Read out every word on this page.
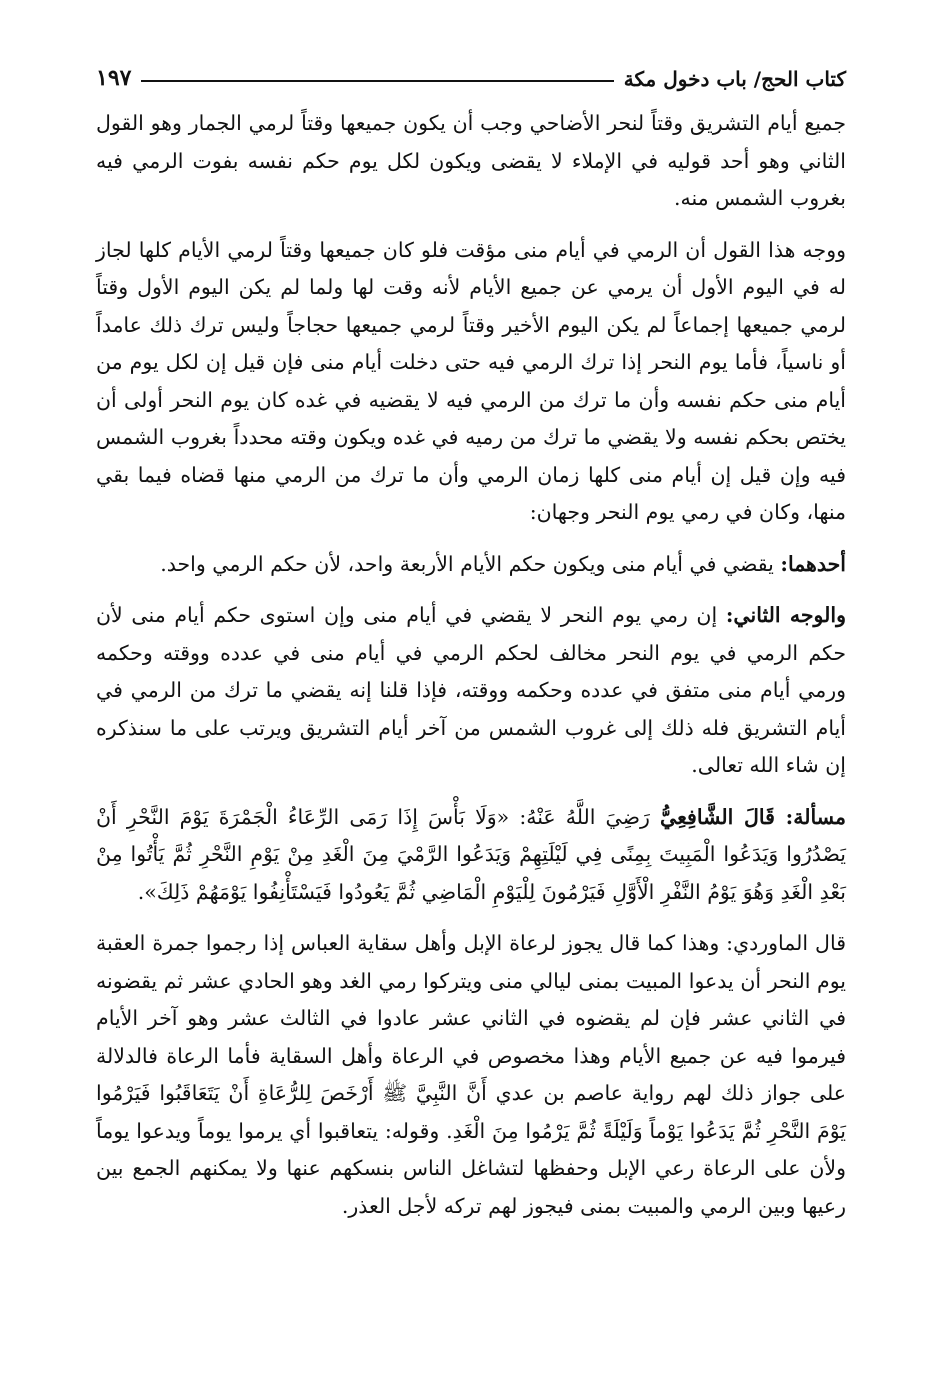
كتاب الحج/ باب دخول مكة
١٩٧

جميع أيام التشريق وقتاً لنحر الأضاحي وجب أن يكون جميعها وقتاً لرمي الجمار وهو القول الثاني وهو أحد قوليه في الإملاء لا يقضى ويكون لكل يوم حكم نفسه بفوت الرمي فيه بغروب الشمس منه.

ووجه هذا القول أن الرمي في أيام منى مؤقت فلو كان جميعها وقتاً لرمي الأيام كلها لجاز له في اليوم الأول أن يرمي عن جميع الأيام لأنه وقت لها ولما لم يكن اليوم الأول وقتاً لرمي جميعها إجماعاً لم يكن اليوم الأخير وقتاً لرمي جميعها حجاجاً وليس ترك ذلك عامداً أو ناسياً، فأما يوم النحر إذا ترك الرمي فيه حتى دخلت أيام منى فإن قيل إن لكل يوم من أيام منى حكم نفسه وأن ما ترك من الرمي فيه لا يقضيه في غده كان يوم النحر أولى أن يختص بحكم نفسه ولا يقضي ما ترك من رميه في غده ويكون وقته محدداً بغروب الشمس فيه وإن قيل إن أيام منى كلها زمان الرمي وأن ما ترك من الرمي منها قضاه فيما بقي منها، وكان في رمي يوم النحر وجهان:

أحدهما: يقضي في أيام منى ويكون حكم الأيام الأربعة واحد، لأن حكم الرمي واحد.

والوجه الثاني: إن رمي يوم النحر لا يقضي في أيام منى وإن استوى حكم أيام منى لأن حكم الرمي في يوم النحر مخالف لحكم الرمي في أيام منى في عدده ووقته وحكمه ورمي أيام منى متفق في عدده وحكمه ووقته، فإذا قلنا إنه يقضي ما ترك من الرمي في أيام التشريق فله ذلك إلى غروب الشمس من آخر أيام التشريق ويرتب على ما سنذكره إن شاء الله تعالى.

مسألة: قَالَ الشَّافِعِيُّ رَضِيَ اللَّهُ عَنْهُ: «وَلَا بَأْسَ إِذَا رَمَى الرِّعَاءُ الْجَمْرَةَ يَوْمَ النَّحْرِ أَنْ يَصْدُرُوا وَيَدَعُوا الْمَبِيتَ بِمِنًى فِي لَيْلَتِهِمْ وَيَدَعُوا الرَّمْيَ مِنَ الْغَدِ مِنْ يَوْمِ النَّحْرِ ثُمَّ يَأْتُوا مِنْ بَعْدِ الْغَدِ وَهُوَ يَوْمُ النَّفْرِ الْأَوَّلِ فَيَرْمُونَ لِلْيَوْمِ الْمَاضِي ثُمَّ يَعُودُوا فَيَسْتَأْنِفُوا يَوْمَهُمْ ذَلِكَ».

قال الماوردي: وهذا كما قال يجوز لرعاة الإبل وأهل سقاية العباس إذا رجموا جمرة العقبة يوم النحر أن يدعوا المبيت بمنى ليالي منى ويتركوا رمي الغد وهو الحادي عشر ثم يقضونه في الثاني عشر فإن لم يقضوه في الثاني عشر عادوا في الثالث عشر وهو آخر الأيام فيرموا فيه عن جميع الأيام وهذا مخصوص في الرعاة وأهل السقاية فأما الرعاة فالدلالة على جواز ذلك لهم رواية عاصم بن عدي أَنَّ النَّبِيَّ ﷺ أَرْخَصَ لِلرُّعَاةِ أَنْ يَتَعَاقَبُوا فَيَرْمُوا يَوْمَ النَّحْرِ ثُمَّ يَدَعُوا يَوْماً وَلَيْلَةً ثُمَّ يَرْمُوا مِنَ الْغَدِ. وقوله: يتعاقبوا أي يرموا يوماً ويدعوا يوماً ولأن على الرعاة رعي الإبل وحفظها لتشاغل الناس بنسكهم عنها ولا يمكنهم الجمع بين رعيها وبين الرمي والمبيت بمنى فيجوز لهم تركه لأجل العذر.
